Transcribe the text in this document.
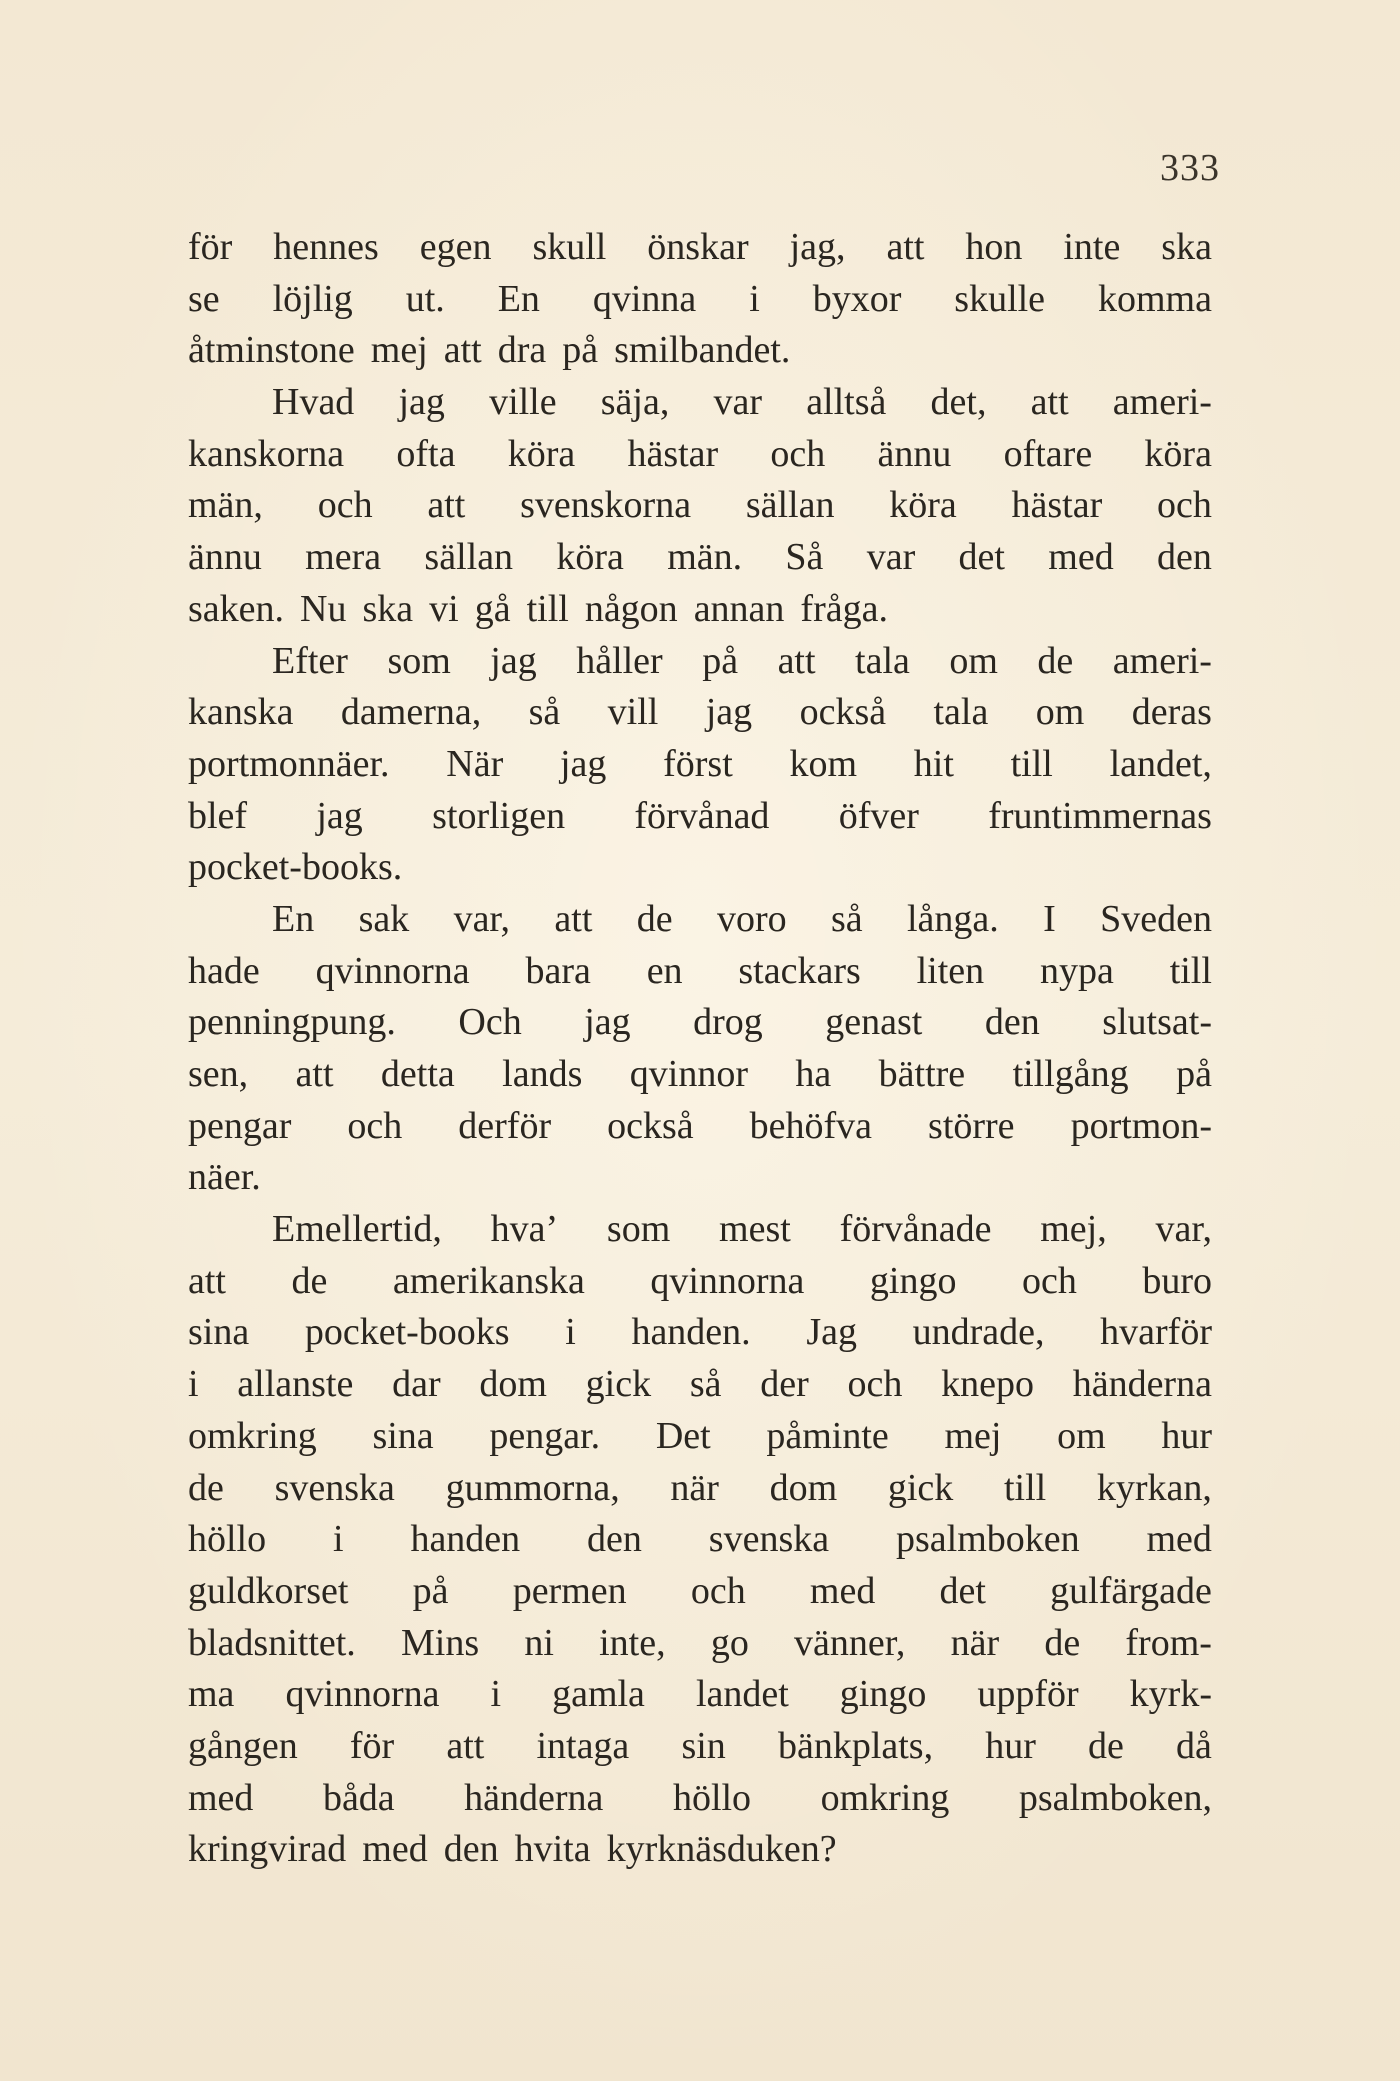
333
för hennes egen skull önskar jag, att hon inte ska
se löjlig ut. En qvinna i byxor skulle komma
åtminstone mej att dra på smilbandet.
Hvad jag ville säja, var alltså det, att ameri-
kanskorna ofta köra hästar och ännu oftare köra
män, och att svenskorna sällan köra hästar och
ännu mera sällan köra män. Så var det med den
saken. Nu ska vi gå till någon annan fråga.
Efter som jag håller på att tala om de ameri-
kanska damerna, så vill jag också tala om deras
portmonnäer. När jag först kom hit till landet,
blef jag storligen förvånad öfver fruntimmernas
pocket-books.
En sak var, att de voro så långa. I Sveden
hade qvinnorna bara en stackars liten nypa till
penningpung. Och jag drog genast den slutsat-
sen, att detta lands qvinnor ha bättre tillgång på
pengar och derför också behöfva större portmon-
näer.
Emellertid, hva’ som mest förvånade mej, var,
att de amerikanska qvinnorna gingo och buro
sina pocket-books i handen. Jag undrade, hvarför
i allanste dar dom gick så der och knepo händerna
omkring sina pengar. Det påminte mej om hur
de svenska gummorna, när dom gick till kyrkan,
höllo i handen den svenska psalmboken med
guldkorset på permen och med det gulfärgade
bladsnittet. Mins ni inte, go vänner, när de from-
ma qvinnorna i gamla landet gingo uppför kyrk-
gången för att intaga sin bänkplats, hur de då
med båda händerna höllo omkring psalmboken,
kringvirad med den hvita kyrknäsduken?
